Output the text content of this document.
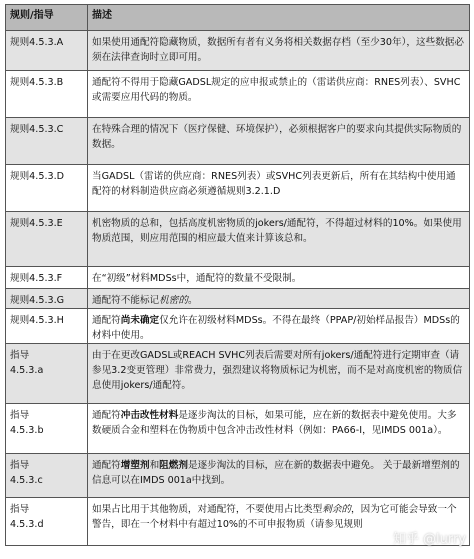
规则/指导	描述

规则4.5.3.A	如果使用通配符隐藏物质，数据所有者有义务将相关数据存档（至少30年），这些数据必须在法律查询时立即可用。

规则4.5.3.B	通配符不得用于隐藏GADSL规定的应申报或禁止的（雷诺供应商：RNES列表）、SVHC或需要应用代码的物质。

规则4.5.3.C	在特殊合理的情况下（医疗保健、环境保护），必须根据客户的要求向其提供实际物质的数据。

规则4.5.3.D	当GADSL（雷诺的供应商：RNES列表）或SVHC列表更新后，所有在其结构中使用通配符的材料制造供应商必须遵循规则3.2.1.D

规则4.5.3.E	机密物质的总和，包括高度机密物质的jokers/通配符，不得超过材料的10%。如果使用物质范围，则应用范围的相应最大值来计算该总和。

规则4.5.3.F	在“初级”材料MDSs中，通配符的数量不受限制。

规则4.5.3.G	通配符不能标记机密的。

规则4.5.3.H	通配符尚未确定仅允许在初级材料MDSs。不得在最终（PPAP/初始样品报告）MDSs的材料中使用。

指导
4.5.3.a	由于在更改GADSL或REACH SVHC列表后需要对所有jokers/通配符进行定期审查（请参见3.2变更管理）非常费力，强烈建议将物质标记为机密，而不是对高度机密的物质信息使用jokers/通配符。

指导
4.5.3.b	通配符冲击改性材料是逐步淘汰的目标，如果可能，应在新的数据表中避免使用。大多数硬质合金和塑料在伪物质中包含冲击改性材料（例如：PA66-I，见IMDS 001a）。

指导
4.5.3.c	通配符增塑剂和阻燃剂是逐步淘汰的目标，应在新的数据表中避免。 关于最新增塑剂的信息可以在IMDS 001a中找到。

指导
4.5.3.d	如果占比用于其他物质，对通配符，不要使用占比类型剩余的，因为它可能会导致一个警告，即在一个材料中有超过10%的不可申报物质（请参见规则
知乎 @lurry
